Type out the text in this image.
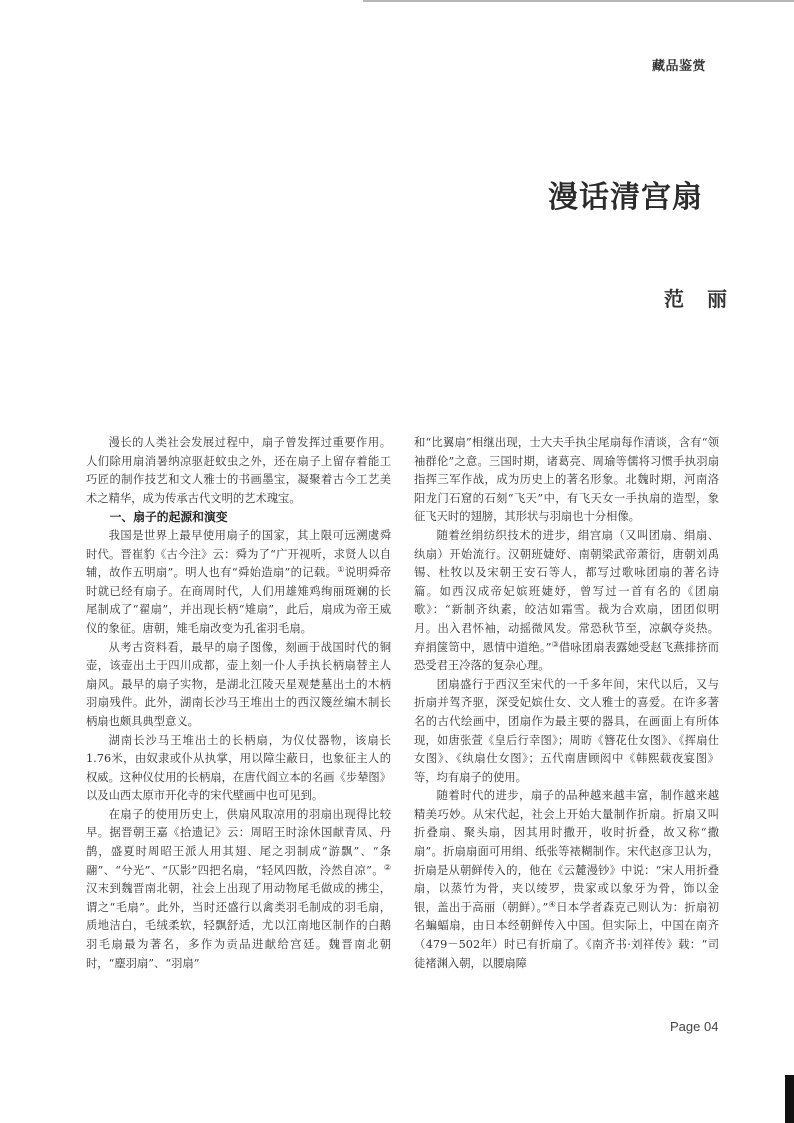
藏品鉴赏
漫话清宫扇
范 丽

漫长的人类社会发展过程中，扇子曾发挥过重要作用。人们除用扇消暑纳凉驱赶蚊虫之外，还在扇子上留存着能工巧匠的制作技艺和文人雅士的书画墨宝，凝聚着古今工艺美术之精华，成为传承古代文明的艺术瑰宝。

一、扇子的起源和演变

我国是世界上最早使用扇子的国家，其上限可远溯虞舜时代。晋崔豹《古今注》云：舜为了“广开视听，求贤人以自辅，故作五明扇”。明人也有“舜始造扇”的记载。①说明舜帝时就已经有扇子。在商周时代，人们用雄雉鸡绚丽斑斓的长尾制成了“翟扇”，并出现长柄“雉扇”，此后，扇成为帝王威仪的象征。唐朝，雉毛扇改变为孔雀羽毛扇。

从考古资料看，最早的扇子图像，刻画于战国时代的铜壶，该壶出土于四川成都，壶上刻一仆人手执长柄扇替主人扇风。最早的扇子实物，是湖北江陵天星观楚墓出土的木柄羽扇残件。此外，湖南长沙马王堆出土的西汉篾丝编木制长柄扇也颇具典型意义。

湖南长沙马王堆出土的长柄扇，为仪仗器物，该扇长1.76米，由奴隶或仆从执掌，用以障尘蔽日，也象征主人的权威。这种仪仗用的长柄扇，在唐代阎立本的名画《步辇图》以及山西太原市开化寺的宋代壁画中也可见到。

在扇子的使用历史上，供扇风取凉用的羽扇出现得比较早。据晋朝王嘉《拾遗记》云：周昭王时涂休国献青凤、丹鹊，盛夏时周昭王派人用其翅、尾之羽制成“游飘”、“条翮”、“兮光”、“仄影”四把名扇，“轻风四散，泠然自凉”。②汉末到魏晋南北朝，社会上出现了用动物尾毛做成的拂尘，谓之“毛扇”。此外，当时还盛行以禽类羽毛制成的羽毛扇，质地洁白，毛绒柔软，轻飘舒适，尤以江南地区制作的白鹅羽毛扇最为著名，多作为贡品进献给宫廷。魏晋南北朝时，“麈羽扇”、“羽扇”

和“比翼扇”相继出现，士大夫手执尘尾扇每作清谈，含有“领袖群伦”之意。三国时期，诸葛亮、周瑜等儒将习惯手执羽扇指挥三军作战，成为历史上的著名形象。北魏时期，河南洛阳龙门石窟的石刻“飞天”中，有飞天女一手执扇的造型，象征飞天时的翅膀，其形状与羽扇也十分相像。

随着丝绢纺织技术的进步，绢宫扇（又叫团扇、绢扇、纨扇）开始流行。汉朝班婕妤、南朝梁武帝萧衍，唐朝刘禹锡、杜牧以及宋朝王安石等人，都写过歌咏团扇的著名诗篇。如西汉成帝妃嫔班婕妤，曾写过一首有名的《团扇歌》：“新制齐纨素，皎洁如霜雪。裁为合欢扇，团团似明月。出入君怀袖，动摇微风发。常恐秋节至，凉飙夺炎热。弃捐箧笥中，恩情中道绝。”③借咏团扇表露她受赵飞燕排挤而恐受君王冷落的复杂心理。

团扇盛行于西汉至宋代的一千多年间，宋代以后，又与折扇并驾齐驱，深受妃嫔仕女、文人雅士的喜爱。在许多著名的古代绘画中，团扇作为最主要的器具，在画面上有所体现，如唐张萱《皇后行幸图》；周昉《簪花仕女图》、《挥扇仕女图》、《纨扇仕女图》；五代南唐顾闳中《韩熙载夜宴图》等，均有扇子的使用。

随着时代的进步，扇子的品种越来越丰富，制作越来越精美巧妙。从宋代起，社会上开始大量制作折扇。折扇又叫折叠扇、聚头扇，因其用时撒开，收时折叠，故又称“撒扇”。折扇扇面可用绢、纸张等裱糊制作。宋代赵彦卫认为，折扇是从朝鲜传入的，他在《云麓漫钞》中说：“宋人用折叠扇，以蒸竹为骨，夹以绫罗，贵家或以象牙为骨，饰以金银，盖出于高丽（朝鲜）。”④日本学者森克己则认为：折扇初名蝙蝠扇，由日本经朝鲜传入中国。但实际上，中国在南齐（479－502年）时已有折扇了。《南齐书·刘祥传》载：“司徒褚渊入朝，以腰扇障

Page 04
